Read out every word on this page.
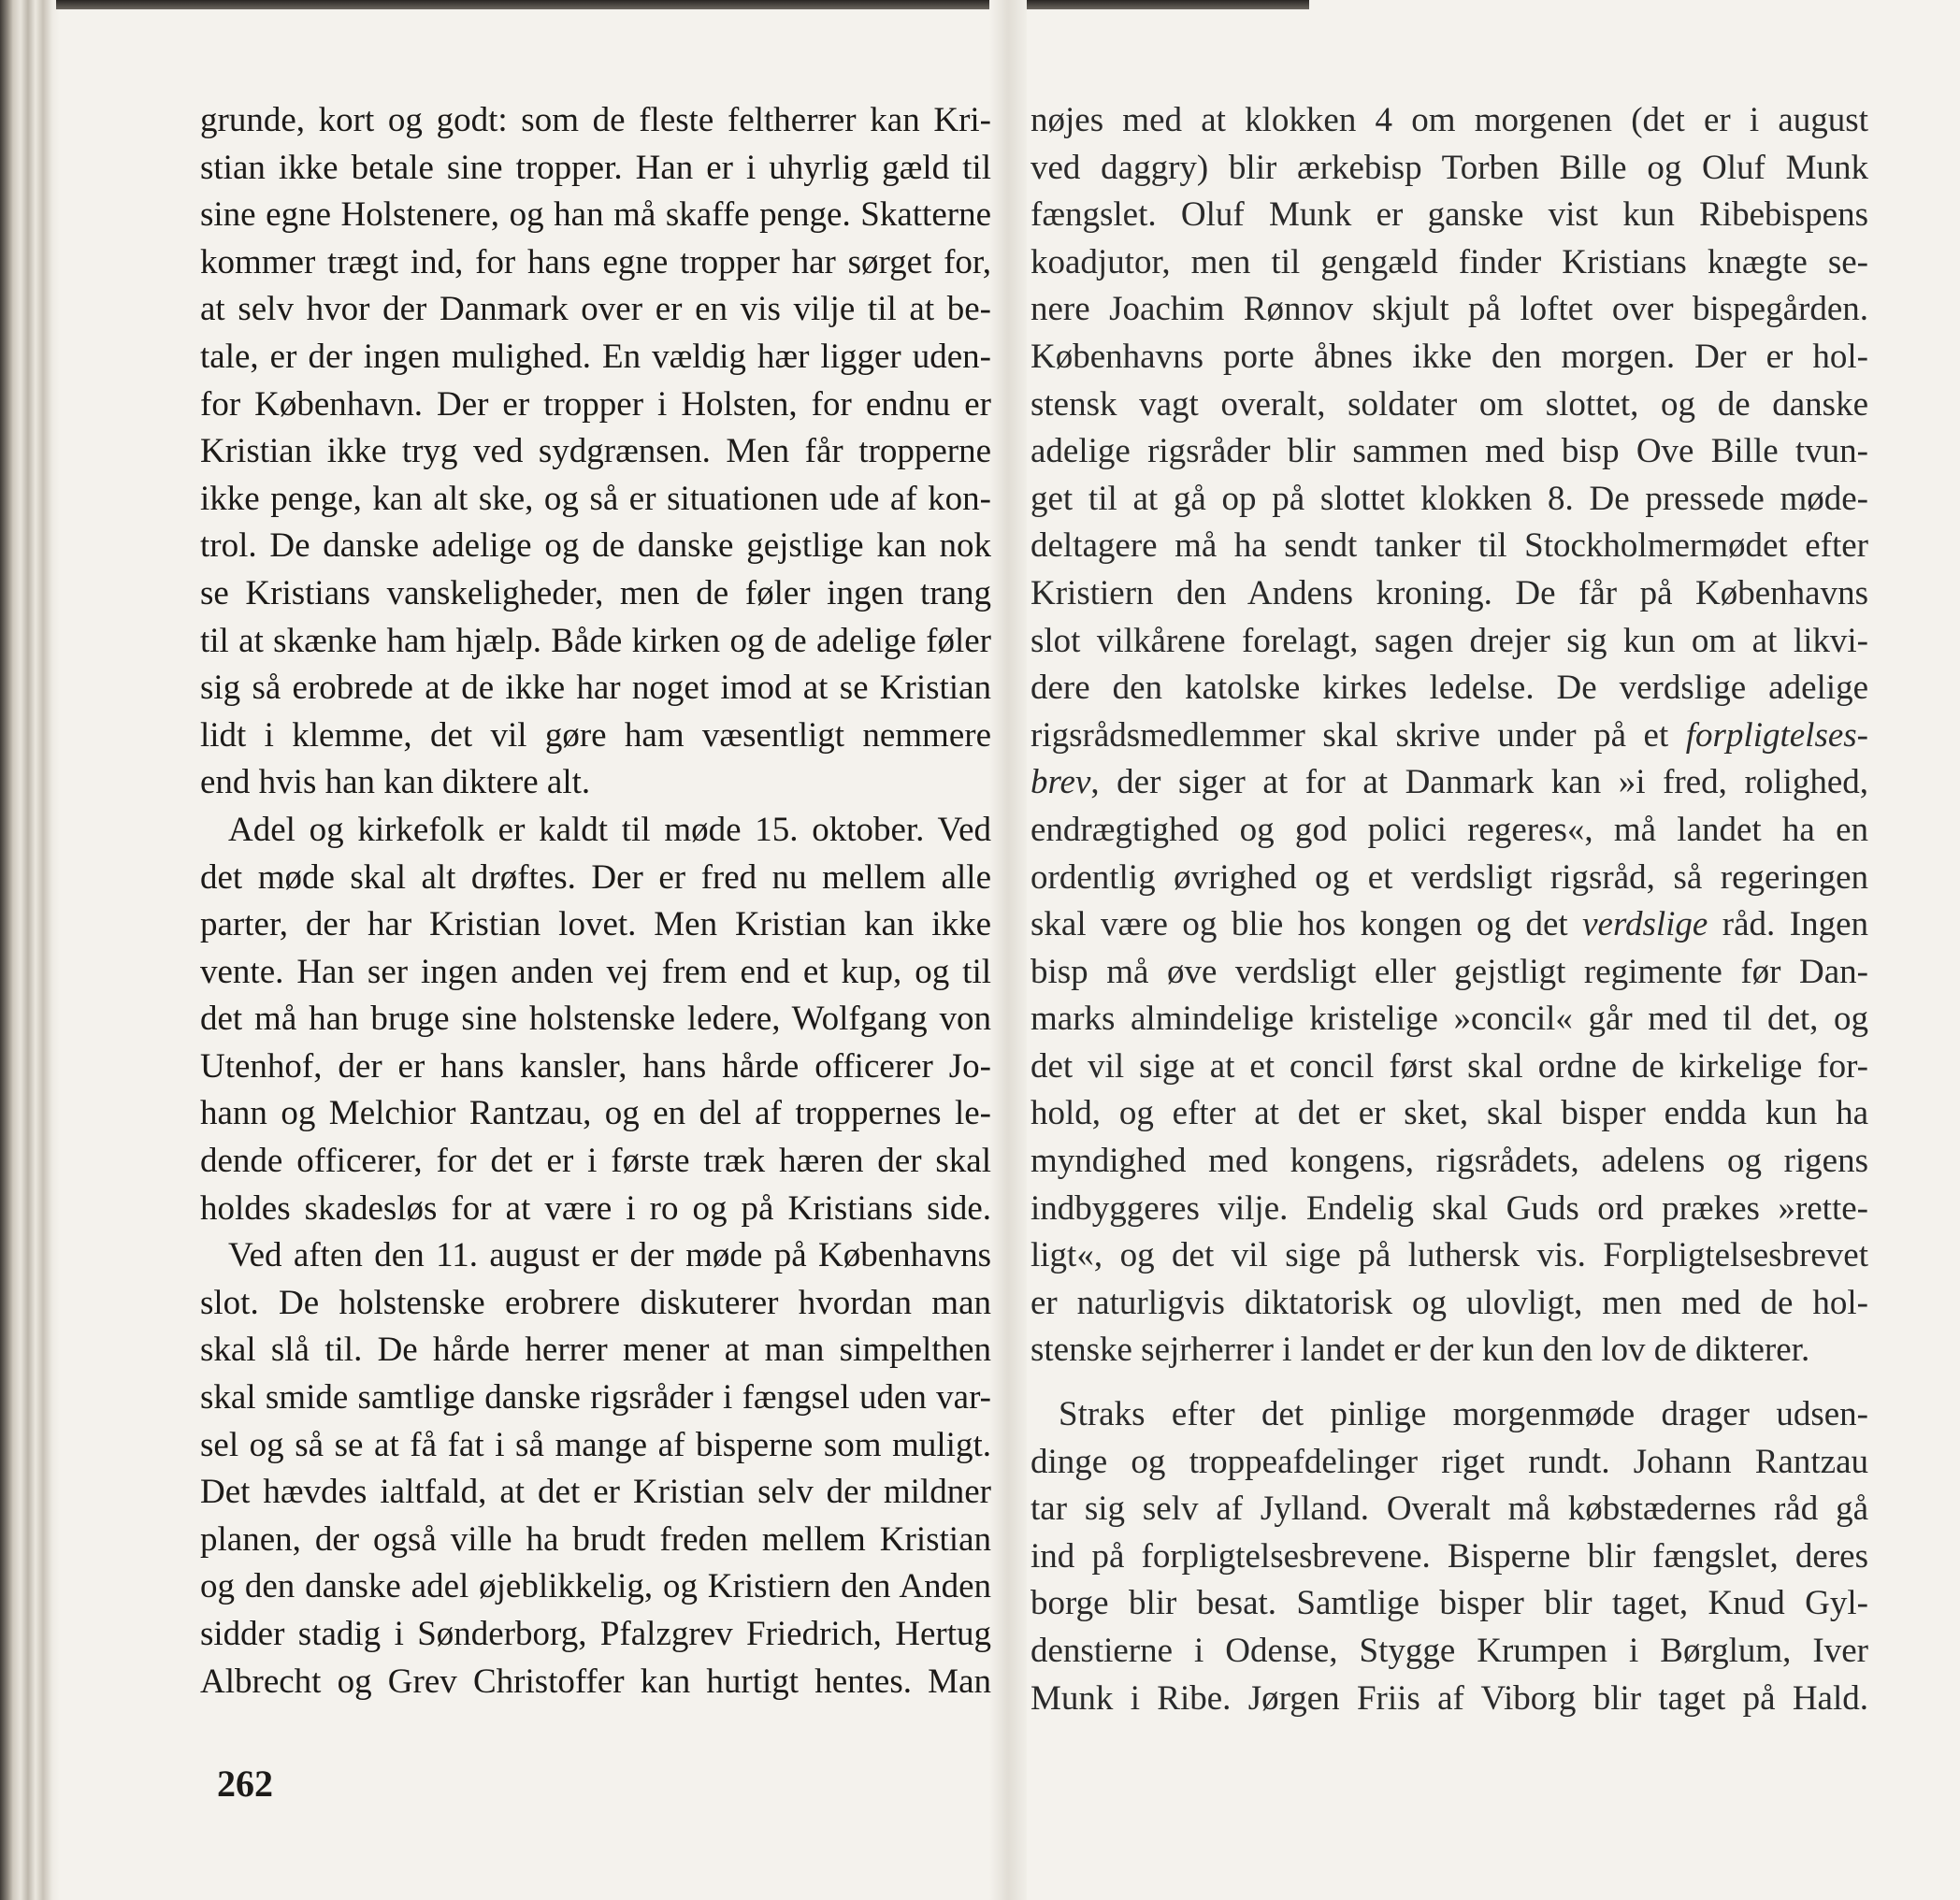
grunde, kort og godt: som de fleste feltherrer kan Kri-
stian ikke betale sine tropper. Han er i uhyrlig gæld til
sine egne Holstenere, og han må skaffe penge. Skatterne
kommer trægt ind, for hans egne tropper har sørget for,
at selv hvor der Danmark over er en vis vilje til at be-
tale, er der ingen mulighed. En vældig hær ligger uden-
for København. Der er tropper i Holsten, for endnu er
Kristian ikke tryg ved sydgrænsen. Men får tropperne
ikke penge, kan alt ske, og så er situationen ude af kon-
trol. De danske adelige og de danske gejstlige kan nok
se Kristians vanskeligheder, men de føler ingen trang
til at skænke ham hjælp. Både kirken og de adelige føler
sig så erobrede at de ikke har noget imod at se Kristian
lidt i klemme, det vil gøre ham væsentligt nemmere
end hvis han kan diktere alt.
Adel og kirkefolk er kaldt til møde 15. oktober. Ved
det møde skal alt drøftes. Der er fred nu mellem alle
parter, der har Kristian lovet. Men Kristian kan ikke
vente. Han ser ingen anden vej frem end et kup, og til
det må han bruge sine holstenske ledere, Wolfgang von
Utenhof, der er hans kansler, hans hårde officerer Jo-
hann og Melchior Rantzau, og en del af troppernes le-
dende officerer, for det er i første træk hæren der skal
holdes skadesløs for at være i ro og på Kristians side.
Ved aften den 11. august er der møde på Københavns
slot. De holstenske erobrere diskuterer hvordan man
skal slå til. De hårde herrer mener at man simpelthen
skal smide samtlige danske rigsråder i fængsel uden var-
sel og så se at få fat i så mange af bisperne som muligt.
Det hævdes ialtfald, at det er Kristian selv der mildner
planen, der også ville ha brudt freden mellem Kristian
og den danske adel øjeblikkelig, og Kristiern den Anden
sidder stadig i Sønderborg, Pfalzgrev Friedrich, Hertug
Albrecht og Grev Christoffer kan hurtigt hentes. Man
nøjes med at klokken 4 om morgenen (det er i august
ved daggry) blir ærkebisp Torben Bille og Oluf Munk
fængslet. Oluf Munk er ganske vist kun Ribebispens
koadjutor, men til gengæld finder Kristians knægte se-
nere Joachim Rønnov skjult på loftet over bispegården.
Københavns porte åbnes ikke den morgen. Der er hol-
stensk vagt overalt, soldater om slottet, og de danske
adelige rigsråder blir sammen med bisp Ove Bille tvun-
get til at gå op på slottet klokken 8. De pressede møde-
deltagere må ha sendt tanker til Stockholmermødet efter
Kristiern den Andens kroning. De får på Københavns
slot vilkårene forelagt, sagen drejer sig kun om at likvi-
dere den katolske kirkes ledelse. De verdslige adelige
rigsrådsmedlemmer skal skrive under på et forpligtelses-
brev, der siger at for at Danmark kan »i fred, rolighed,
endrægtighed og god polici regeres«, må landet ha en
ordentlig øvrighed og et verdsligt rigsråd, så regeringen
skal være og blie hos kongen og det verdslige råd. Ingen
bisp må øve verdsligt eller gejstligt regimente før Dan-
marks almindelige kristelige »concil« går med til det, og
det vil sige at et concil først skal ordne de kirkelige for-
hold, og efter at det er sket, skal bisper endda kun ha
myndighed med kongens, rigsrådets, adelens og rigens
indbyggeres vilje. Endelig skal Guds ord prækes »rette-
ligt«, og det vil sige på luthersk vis. Forpligtelsesbrevet
er naturligvis diktatorisk og ulovligt, men med de hol-
stenske sejrherrer i landet er der kun den lov de dikterer.
Straks efter det pinlige morgenmøde drager udsen-
dinge og troppeafdelinger riget rundt. Johann Rantzau
tar sig selv af Jylland. Overalt må købstædernes råd gå
ind på forpligtelsesbrevene. Bisperne blir fængslet, deres
borge blir besat. Samtlige bisper blir taget, Knud Gyl-
denstierne i Odense, Stygge Krumpen i Børglum, Iver
Munk i Ribe. Jørgen Friis af Viborg blir taget på Hald.
262
